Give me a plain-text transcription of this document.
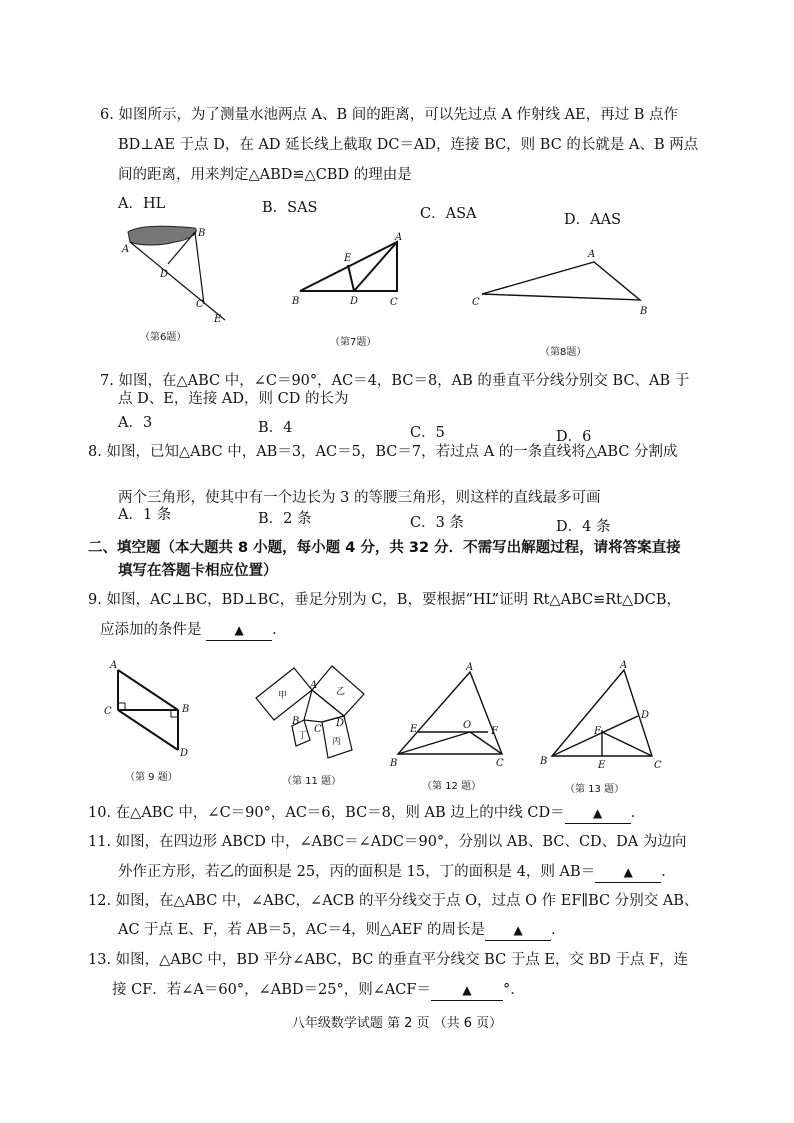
6. 如图所示，为了测量水池两点 A、B 间的距离，可以先过点 A 作射线 AE，再过 B 点作
BD⊥AE 于点 D，在 AD 延长线上截取 DC＝AD，连接 BC，则 BC 的长就是 A、B 两点
间的距离，用来判定△ABD≌△CBD 的理由是
A．HL	B．SAS	C．ASA	D．AAS
B
A
D
C
E
（第6题）
A
E
B	D	C
（第7题）
A
C
B
（第8题）
7. 如图，在△ABC 中，∠C＝90°，AC＝4，BC＝8，AB 的垂直平分线分别交 BC、AB 于
点 D、E，连接 AD，则 CD 的长为
A．3	B．4	C．5	D．6
8. 如图，已知△ABC 中，AB＝3，AC＝5，BC＝7，若过点 A 的一条直线将△ABC 分割成
两个三角形，使其中有一个边长为 3 的等腰三角形，则这样的直线最多可画
A．1 条	B．2 条	C．3 条	D．4 条
二、填空题（本大题共 8 小题，每小题 4 分，共 32 分．不需写出解题过程，请将答案直接
填写在答题卡相应位置）
9. 如图，AC⊥BC，BD⊥BC，垂足分别为 C，B，要根据“HL”证明 Rt△ABC≌Rt△DCB，
应添加的条件是	▲ ．
A
C	B
D
（第 9 题）
甲	乙
丙
丁
A
B
C
D
（第 11 题）
A
E	O
F
B	C
（第 12 题）
A
D
F
B	E	C
（第 13 题）
10. 在△ABC 中，∠C＝90°，AC＝6，BC＝8，则 AB 边上的中线 CD＝ ▲ ．
11. 如图，在四边形 ABCD 中，∠ABC＝∠ADC＝90°，分别以 AB、BC、CD、DA 为边向
外作正方形，若乙的面积是 25，丙的面积是 15，丁的面积是 4，则 AB＝ ▲ ．
12. 如图，在△ABC 中，∠ABC，∠ACB 的平分线交于点 O，过点 O 作 EF∥BC 分别交 AB、
AC 于点 E、F，若 AB＝5，AC＝4，则△AEF 的周长是 ▲ ．
13. 如图，△ABC 中，BD 平分∠ABC，BC 的垂直平分线交 BC 于点 E，交 BD 于点 F，连
接 CF．若∠A＝60°，∠ABD＝25°，则∠ACF＝	▲ °．
八年级数学试题 第 2 页 （共 6 页）
